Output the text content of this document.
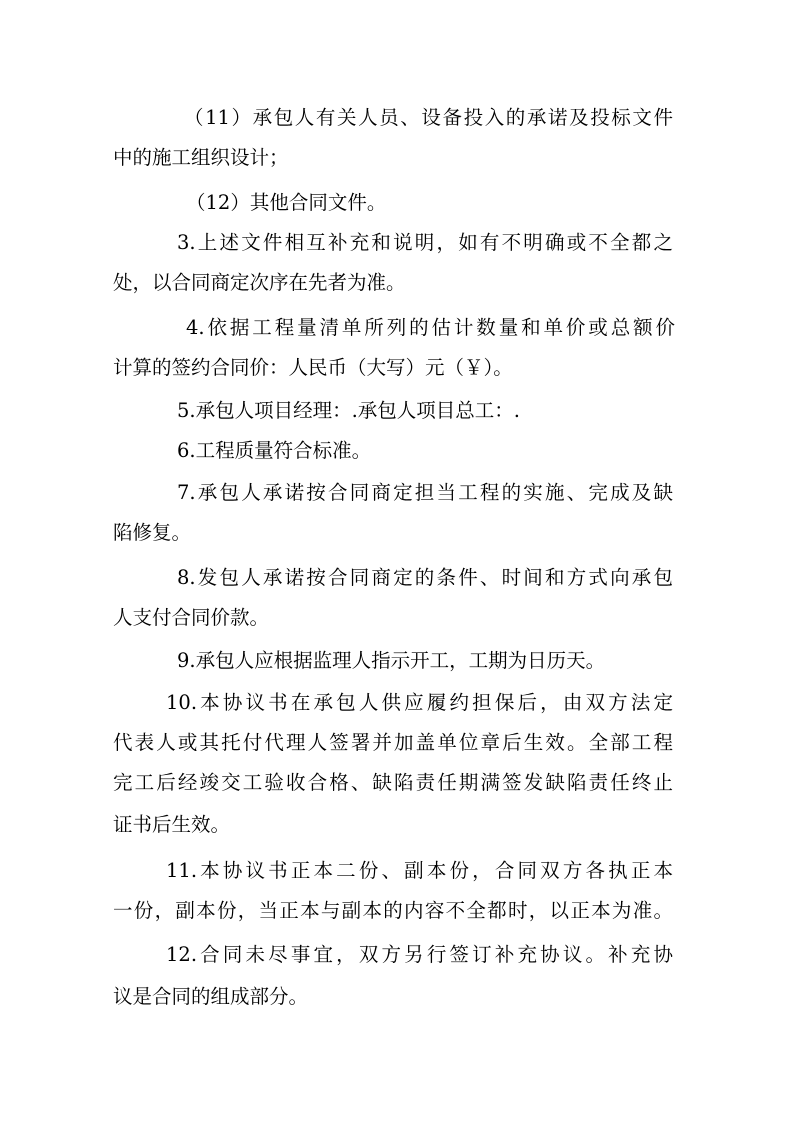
（11）承包人有关人员、设备投入的承诺及投标文件
中的施工组织设计；
（12）其他合同文件。
3.上述文件相互补充和说明，如有不明确或不全都之
处，以合同商定次序在先者为准。
4.依据工程量清单所列的估计数量和单价或总额价
计算的签约合同价：人民币（大写）元（￥）。
5.承包人项目经理：.承包人项目总工：.
6.工程质量符合标准。
7.承包人承诺按合同商定担当工程的实施、完成及缺
陷修复。
8.发包人承诺按合同商定的条件、时间和方式向承包
人支付合同价款。
9.承包人应根据监理人指示开工，工期为日历天。
10.本协议书在承包人供应履约担保后，由双方法定
代表人或其托付代理人签署并加盖单位章后生效。全部工程
完工后经竣交工验收合格、缺陷责任期满签发缺陷责任终止
证书后生效。
11.本协议书正本二份、副本份，合同双方各执正本
一份，副本份，当正本与副本的内容不全都时，以正本为准。
12.合同未尽事宜，双方另行签订补充协议。补充协
议是合同的组成部分。
